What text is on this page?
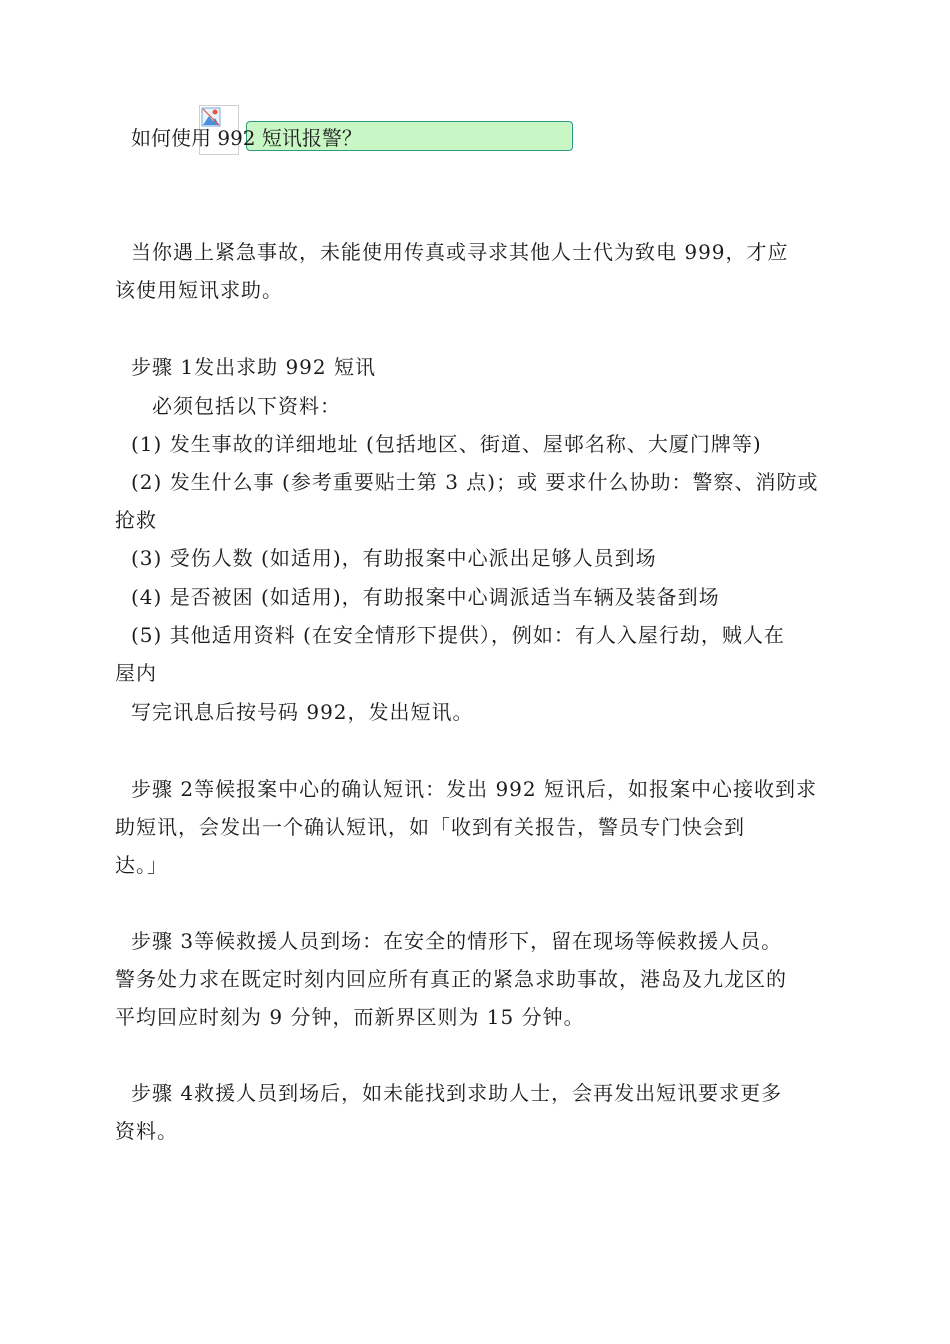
如何使用 992 短讯报警？
当你遇上紧急事故，未能使用传真或寻求其他人士代为致电 999，才应
该使用短讯求助。
步骤 1发出求助 992 短讯
必须包括以下资料：
(1) 发生事故的详细地址 (包括地区、街道、屋邨名称、大厦门牌等)
(2) 发生什么事 (参考重要贴士第 3 点)；或 要求什么协助：警察、消防或
抢救
(3) 受伤人数 (如适用)，有助报案中心派出足够人员到场
(4) 是否被困 (如适用)，有助报案中心调派适当车辆及装备到场
(5) 其他适用资料 (在安全情形下提供），例如：有人入屋行劫，贼人在
屋内
写完讯息后按号码 992，发出短讯。
步骤 2等候报案中心的确认短讯：发出 992 短讯后，如报案中心接收到求
助短讯，会发出一个确认短讯，如「收到有关报告，警员专门快会到
达。」
步骤 3等候救援人员到场：在安全的情形下，留在现场等候救援人员。
警务处力求在既定时刻内回应所有真正的紧急求助事故，港岛及九龙区的
平均回应时刻为 9 分钟，而新界区则为 15 分钟。
步骤 4救援人员到场后，如未能找到求助人士，会再发出短讯要求更多
资料。
